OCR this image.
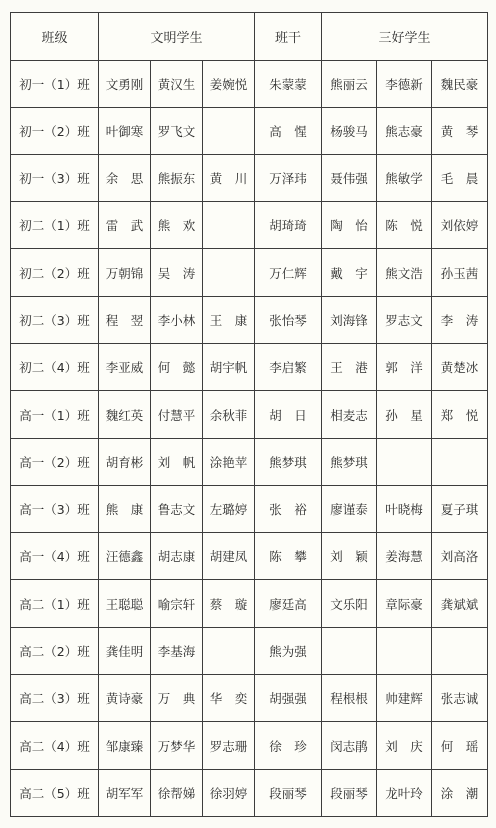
班级	文明学生			班干	三好学生		
初一（1）班	文勇刚	黄汉生	姜婉悦	朱蒙蒙	熊丽云	李德新	魏民豪
初一（2）班	叶御寒	罗飞文		高　惺	杨骏马	熊志豪	黄　琴
初一（3）班	余　思	熊振东	黄　川	万泽玮	聂伟强	熊敏学	毛　晨
初二（1）班	雷　武	熊　欢		胡琦琦	陶　怡	陈　悦	刘依婷
初二（2）班	万朝锦	吴　涛		万仁辉	戴　宇	熊文浩	孙玉茜
初二（3）班	程　翌	李小林	王　康	张怡琴	刘海锋	罗志文	李　涛
初二（4）班	李亚威	何　懿	胡宇帆	李启繁	王　港	郭　洋	黄楚冰
高一（1）班	魏红英	付慧平	余秋菲	胡　日	相麦志	孙　星	郑　悦
高一（2）班	胡育彬	刘　帆	涂艳苹	熊梦琪	熊梦琪		
高一（3）班	熊　康	鲁志文	左璐婷	张　裕	廖谨泰	叶晓梅	夏子琪
高一（4）班	汪德鑫	胡志康	胡建凤	陈　攀	刘　颖	姜海慧	刘高洛
高二（1）班	王聪聪	喻宗轩	蔡　璇	廖廷高	文乐阳	章际豪	龚斌斌
高二（2）班	龚佳明	李基海		熊为强			
高二（3）班	黄诗豪	万　典	华　奕	胡强强	程根根	帅建辉	张志诚
高二（4）班	邹康臻	万梦华	罗志珊	徐　珍	闵志鹃	刘　庆	何　瑶
高二（5）班	胡军军	徐帮娣	徐羽婷	段丽琴	段丽琴	龙叶玲	涂　潮
